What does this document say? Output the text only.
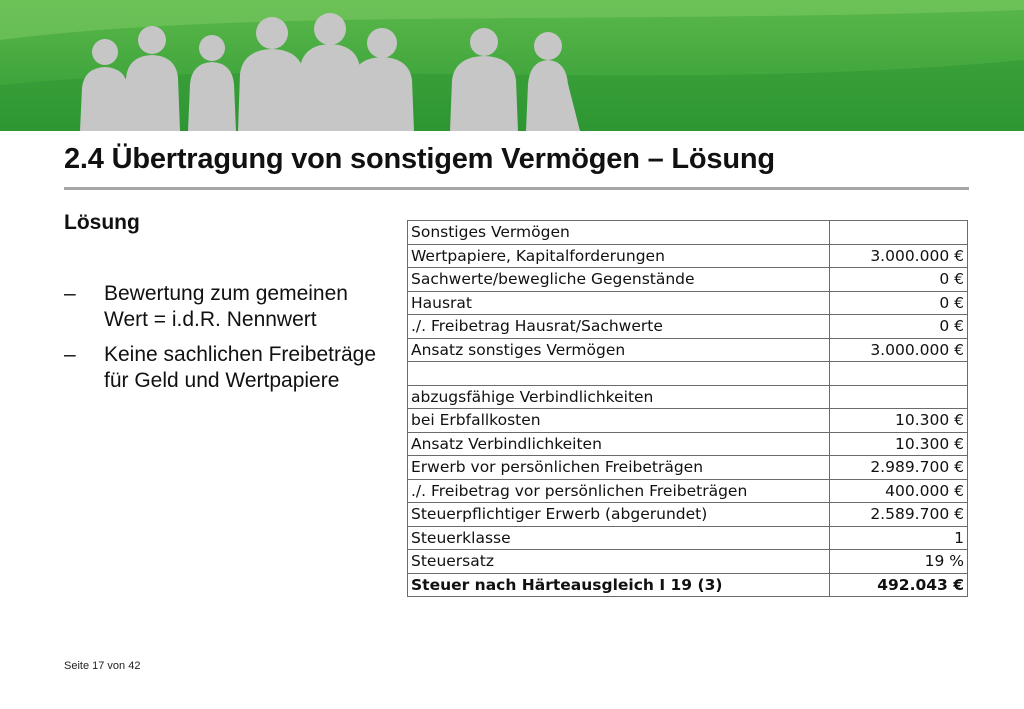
2.4 Übertragung von sonstigem Vermögen – Lösung
Lösung
– Bewertung zum gemeinen Wert = i.d.R. Nennwert
– Keine sachlichen Freibeträge für Geld und Wertpapiere
Sonstiges Vermögen	
Wertpapiere, Kapitalforderungen	3.000.000 €
Sachwerte/bewegliche Gegenstände	0 €
Hausrat	0 €
./. Freibetrag Hausrat/Sachwerte	0 €
Ansatz sonstiges Vermögen	3.000.000 €

abzugsfähige Verbindlichkeiten	
bei Erbfallkosten	10.300 €
Ansatz Verbindlichkeiten	10.300 €
Erwerb vor persönlichen Freibeträgen	2.989.700 €
./. Freibetrag vor persönlichen Freibeträgen	400.000 €
Steuerpflichtiger Erwerb (abgerundet)	2.589.700 €
Steuerklasse	1
Steuersatz	19 %
Steuer nach Härteausgleich I 19 (3)	492.043 €
Seite 17 von 42
